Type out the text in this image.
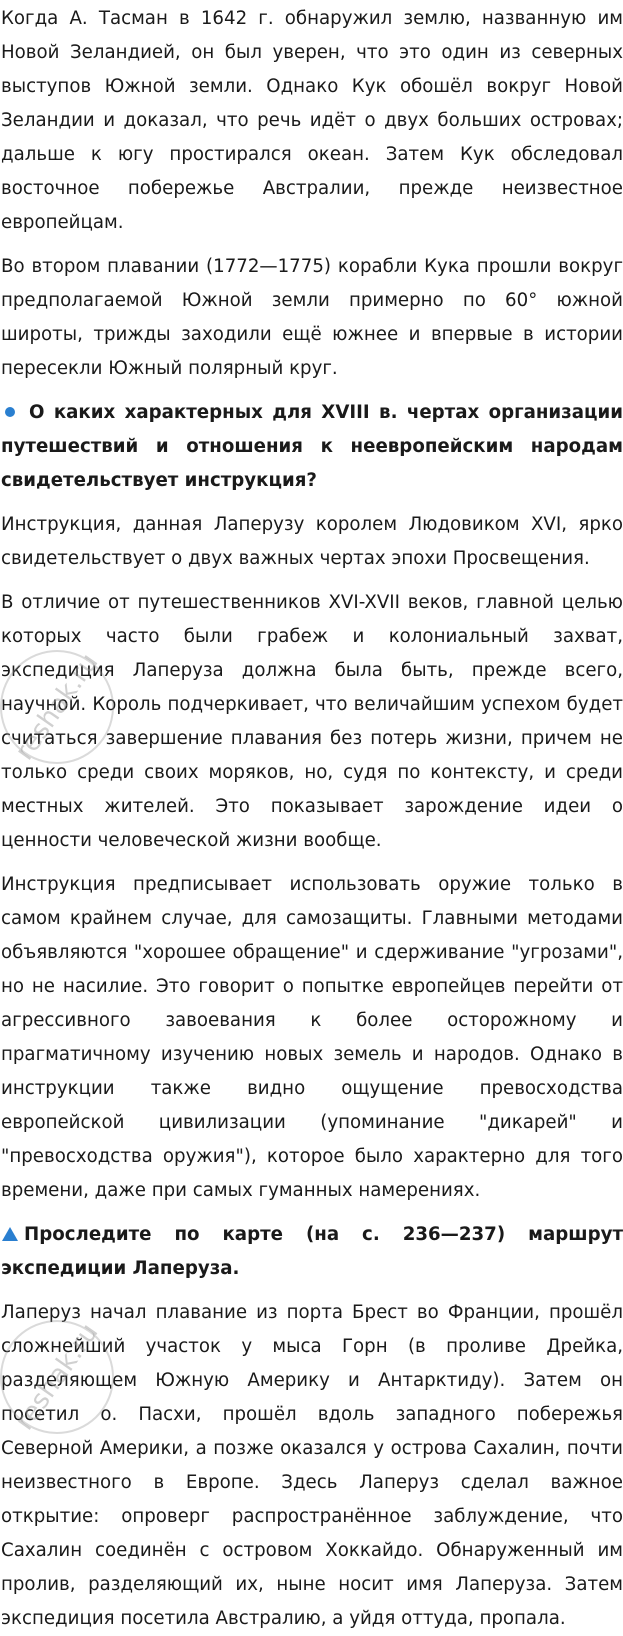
Когда А. Тасман в 1642 г. обнаружил землю, названную им Новой Зеландией, он был уверен, что это один из северных выступов Южной земли. Однако Кук обошёл вокруг Новой Зеландии и доказал, что речь идёт о двух больших островах; дальше к югу простирался океан. Затем Кук обследовал восточное побережье Австралии, прежде неизвестное европейцам.

Во втором плавании (1772—1775) корабли Кука прошли вокруг предполагаемой Южной земли примерно по 60° южной широты, трижды заходили ещё южнее и впервые в истории пересекли Южный полярный круг.

О каких характерных для XVIII в. чертах организации путешествий и отношения к неевропейским народам свидетельствует инструкция?

Инструкция, данная Лаперузу королем Людовиком XVI, ярко свидетельствует о двух важных чертах эпохи Просвещения.

В отличие от путешественников XVI-XVII веков, главной целью которых часто были грабеж и колониальный захват, экспедиция Лаперуза должна была быть, прежде всего, научной. Король подчеркивает, что величайшим успехом будет считаться завершение плавания без потерь жизни, причем не только среди своих моряков, но, судя по контексту, и среди местных жителей. Это показывает зарождение идеи о ценности человеческой жизни вообще.

Инструкция предписывает использовать оружие только в самом крайнем случае, для самозащиты. Главными методами объявляются "хорошее обращение" и сдерживание "угрозами", но не насилие. Это говорит о попытке европейцев перейти от агрессивного завоевания к более осторожному и прагматичному изучению новых земель и народов. Однако в инструкции также видно ощущение превосходства европейской цивилизации (упоминание "дикарей" и "превосходства оружия"), которое было характерно для того времени, даже при самых гуманных намерениях.

Проследите по карте (на с. 236—237) маршрут экспедиции Лаперуза.

Лаперуз начал плавание из порта Брест во Франции, прошёл сложнейший участок у мыса Горн (в проливе Дрейка, разделяющем Южную Америку и Антарктиду). Затем он посетил о. Пасхи, прошёл вдоль западного побережья Северной Америки, а позже оказался у острова Сахалин, почти неизвестного в Европе. Здесь Лаперуз сделал важное открытие: опроверг распространённое заблуждение, что Сахалин соединён с островом Хоккайдо. Обнаруженный им пролив, разделяющий их, ныне носит имя Лаперуза. Затем экспедиция посетила Австралию, а уйдя оттуда, пропала.

reshak.ru
reshak.ru
